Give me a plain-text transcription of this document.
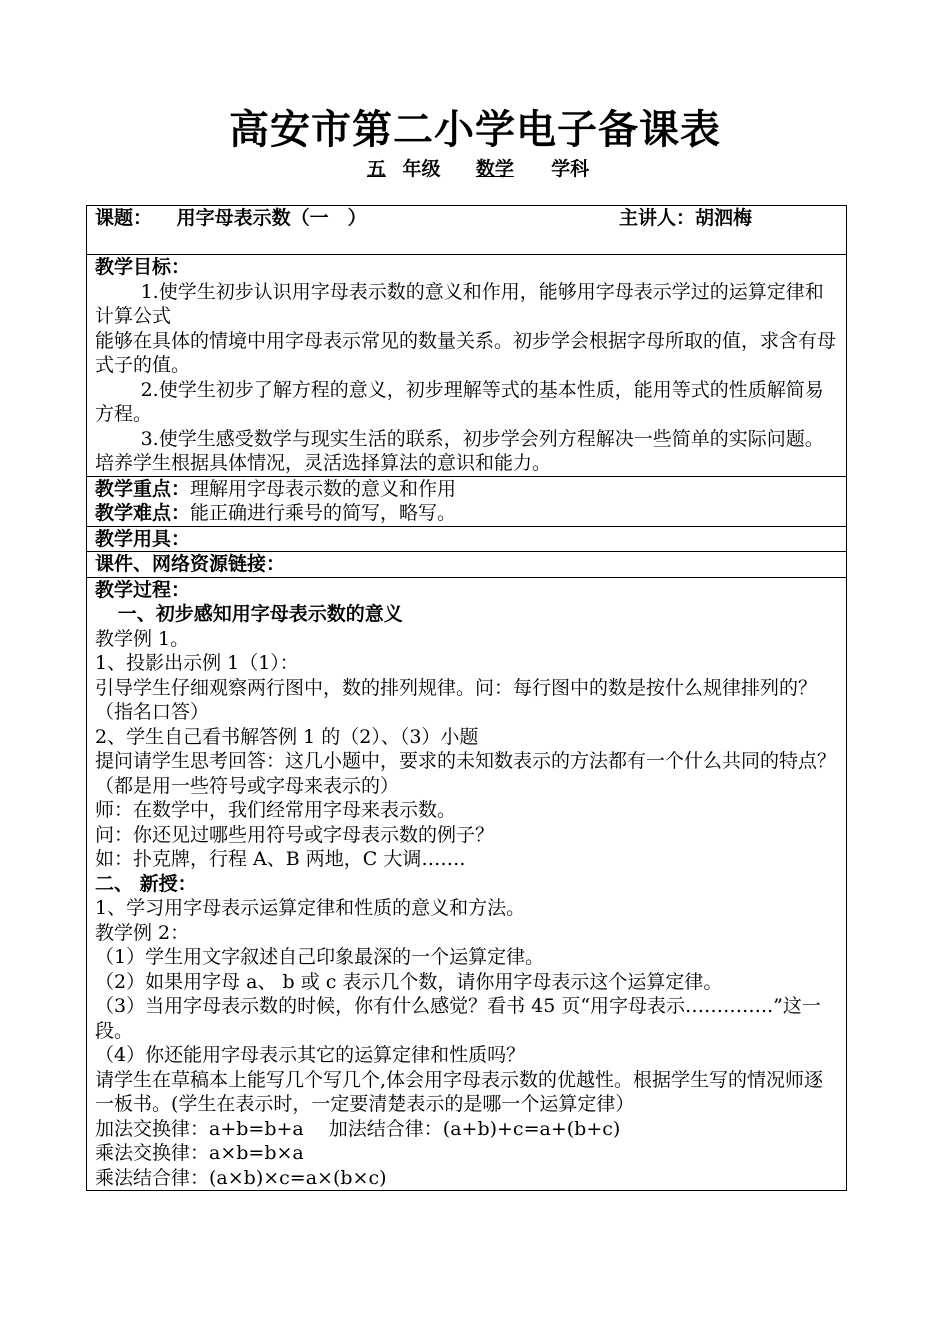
高安市第二小学电子备课表
五 年级 数学 学科
课题： 用字母表示数（一　）	主讲人：胡泗梅

教学目标：

1.使学生初步认识用字母表示数的意义和作用，能够用字母表示学过的运算定律和计算公式

能够在具体的情境中用字母表示常见的数量关系。初步学会根据字母所取的值，求含有母式子的值。

2.使学生初步了解方程的意义，初步理解等式的基本性质，能用等式的性质解简易方程。

3.使学生感受数学与现实生活的联系，初步学会列方程解决一些简单的实际问题。培养学生根据具体情况，灵活选择算法的意识和能力。

教学重点：理解用字母表示数的意义和作用

教学难点：能正确进行乘号的简写，略写。

教学用具：

课件、网络资源链接：

教学过程：

一、初步感知用字母表示数的意义

教学例 1。

1、投影出示例 1（1）：

引导学生仔细观察两行图中，数的排列规律。问：每行图中的数是按什么规律排列的？（指名口答）

2、学生自己看书解答例 1 的（2）、（3）小题

提问请学生思考回答：这几小题中，要求的未知数表示的方法都有一个什么共同的特点？（都是用一些符号或字母来表示的）

师：在数学中，我们经常用字母来表示数。

问：你还见过哪些用符号或字母表示数的例子？

如：扑克牌，行程 A、B 两地，C 大调…….

二、 新授：

1、学习用字母表示运算定律和性质的意义和方法。

教学例 2：

（1）学生用文字叙述自己印象最深的一个运算定律。

（2）如果用字母 a、 b 或 c 表示几个数，请你用字母表示这个运算定律。

（3）当用字母表示数的时候，你有什么感觉？看书 45 页“用字母表示…………..”这一段。

（4）你还能用字母表示其它的运算定律和性质吗？

请学生在草稿本上能写几个写几个,体会用字母表示数的优越性。根据学生写的情况师逐一板书。(学生在表示时，一定要清楚表示的是哪一个运算定律）

加法交换律：a+b=b+a　 加法结合律：(a+b)+c=a+(b+c)

乘法交换律：a×b=b×a

乘法结合律：(a×b)×c=a×(b×c)
